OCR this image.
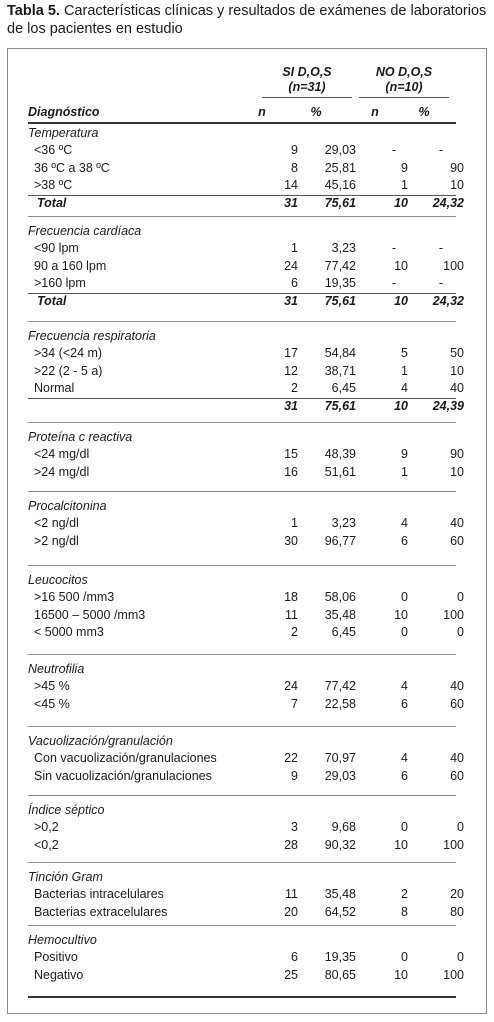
Tabla 5. Características clínicas y resultados de exámenes de laboratorios de los pacientes en estudio
SI D,O,S
(n=31)
NO D,O,S
(n=10)
Diagnóstico	n	%	n	%
Temperatura
<36 ºC	9	29,03	-	-
36 ºC a 38 ºC	8	25,81	9	90
>38 ºC	14	45,16	1	10
Total	31	75,61	10	24,32
Frecuencia cardíaca
<90 lpm	1	3,23	-	-
90 a 160 lpm	24	77,42	10	100
>160 lpm	6	19,35	-	-
Total	31	75,61	10	24,32
Frecuencia respiratoria
>34 (<24 m)	17	54,84	5	50
>22 (2 - 5 a)	12	38,71	1	10
Normal	2	6,45	4	40
31	75,61	10	24,39
Proteína c reactiva
<24 mg/dl	15	48,39	9	90
>24 mg/dl	16	51,61	1	10
Procalcitonina
<2 ng/dl	1	3,23	4	40
>2 ng/dl	30	96,77	6	60
Leucocitos
>16 500 /mm3	18	58,06	0	0
16500 – 5000 /mm3	11	35,48	10	100
< 5000 mm3	2	6,45	0	0
Neutrofilia
>45 %	24	77,42	4	40
<45 %	7	22,58	6	60
Vacuolización/granulación
Con vacuolización/granulaciones	22	70,97	4	40
Sin vacuolización/granulaciones	9	29,03	6	60
Índice séptico
>0,2	3	9,68	0	0
<0,2	28	90,32	10	100
Tinción Gram
Bacterias intracelulares	11	35,48	2	20
Bacterias extracelulares	20	64,52	8	80
Hemocultivo
Positivo	6	19,35	0	0
Negativo	25	80,65	10	100
